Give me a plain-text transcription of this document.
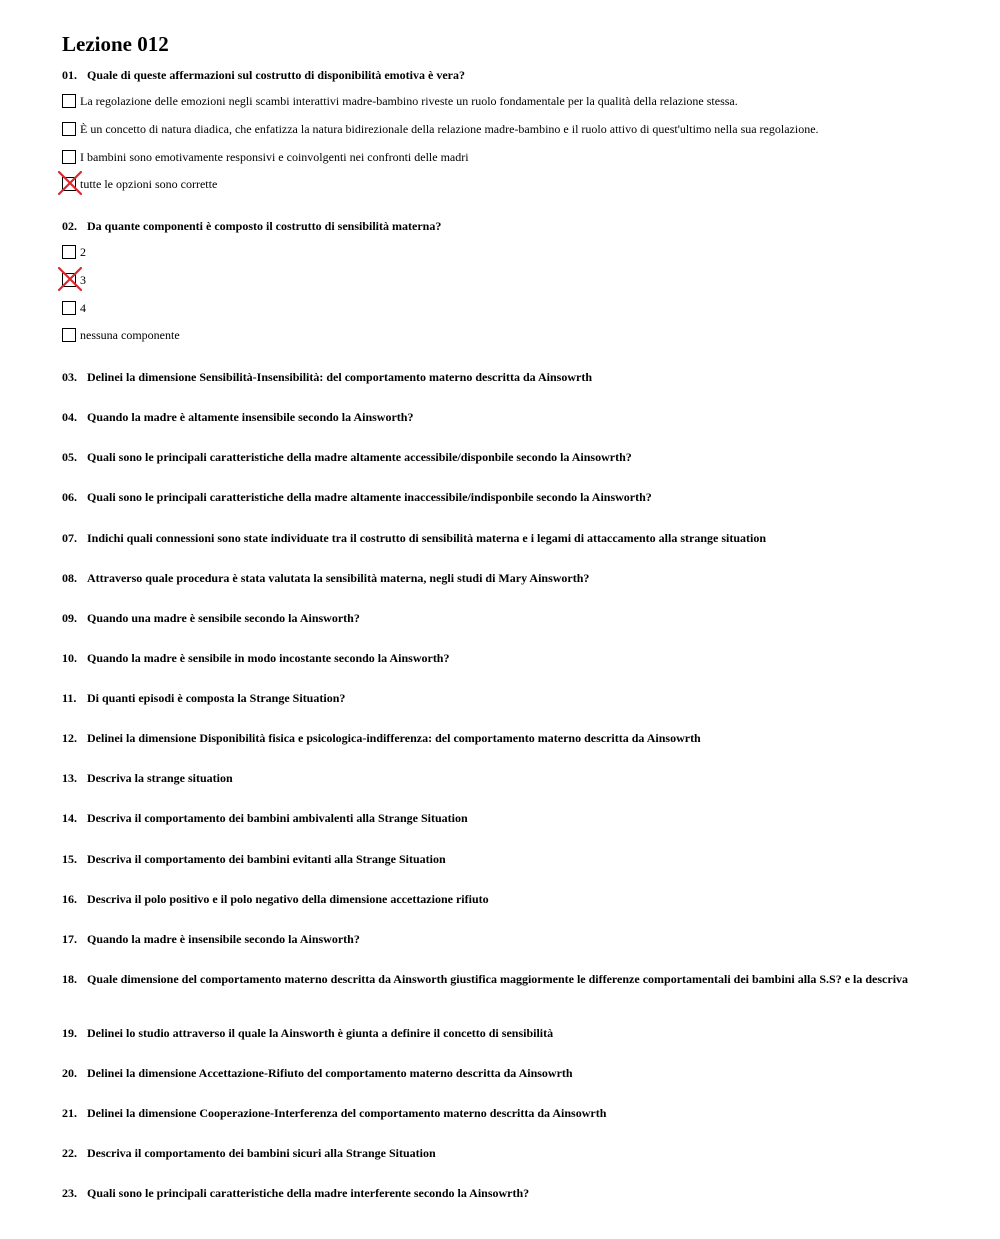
Lezione 012
01. Quale di queste affermazioni sul costrutto di disponibilità emotiva è vera?
La regolazione delle emozioni negli scambi interattivi madre-bambino riveste un ruolo fondamentale per la qualità della relazione stessa.
È un concetto di natura diadica, che enfatizza la natura bidirezionale della relazione madre-bambino e il ruolo attivo di quest'ultimo nella sua regolazione.
I bambini sono emotivamente responsivi e coinvolgenti nei confronti delle madri
tutte le opzioni sono corrette
02. Da quante componenti è composto il costrutto di sensibilità materna?
2
3
4
nessuna componente
03. Delinei la dimensione Sensibilità-Insensibilità: del comportamento materno descritta da Ainsowrth
04. Quando la madre è altamente insensibile secondo la Ainsworth?
05. Quali sono le principali caratteristiche della madre altamente accessibile/disponbile secondo la Ainsowrth?
06. Quali sono le principali caratteristiche della madre altamente inaccessibile/indisponbile secondo la Ainsworth?
07. Indichi quali connessioni sono state individuate tra il costrutto di sensibilità materna e i legami di attaccamento alla strange situation
08. Attraverso quale procedura è stata valutata la sensibilità materna, negli studi di Mary Ainsworth?
09. Quando una madre è sensibile secondo la Ainsworth?
10. Quando la madre è sensibile in modo incostante secondo la Ainsworth?
11. Di quanti episodi è composta la Strange Situation?
12. Delinei la dimensione Disponibilità fisica e psicologica-indifferenza: del comportamento materno descritta da Ainsowrth
13. Descriva la strange situation
14. Descriva il comportamento dei bambini ambivalenti alla Strange Situation
15. Descriva il comportamento dei bambini evitanti alla Strange Situation
16. Descriva il polo positivo e il polo negativo della dimensione accettazione rifiuto
17. Quando la madre è insensibile secondo la Ainsworth?
18. Quale dimensione del comportamento materno descritta da Ainsworth giustifica maggiormente le differenze comportamentali dei bambini alla S.S? e la descriva
19. Delinei lo studio attraverso il quale la Ainsworth è giunta a definire il concetto di sensibilità
20. Delinei la dimensione Accettazione-Rifiuto del comportamento materno descritta da Ainsowrth
21. Delinei la dimensione Cooperazione-Interferenza del comportamento materno descritta da Ainsowrth
22. Descriva il comportamento dei bambini sicuri alla Strange Situation
23. Quali sono le principali caratteristiche della madre interferente secondo la Ainsowrth?
